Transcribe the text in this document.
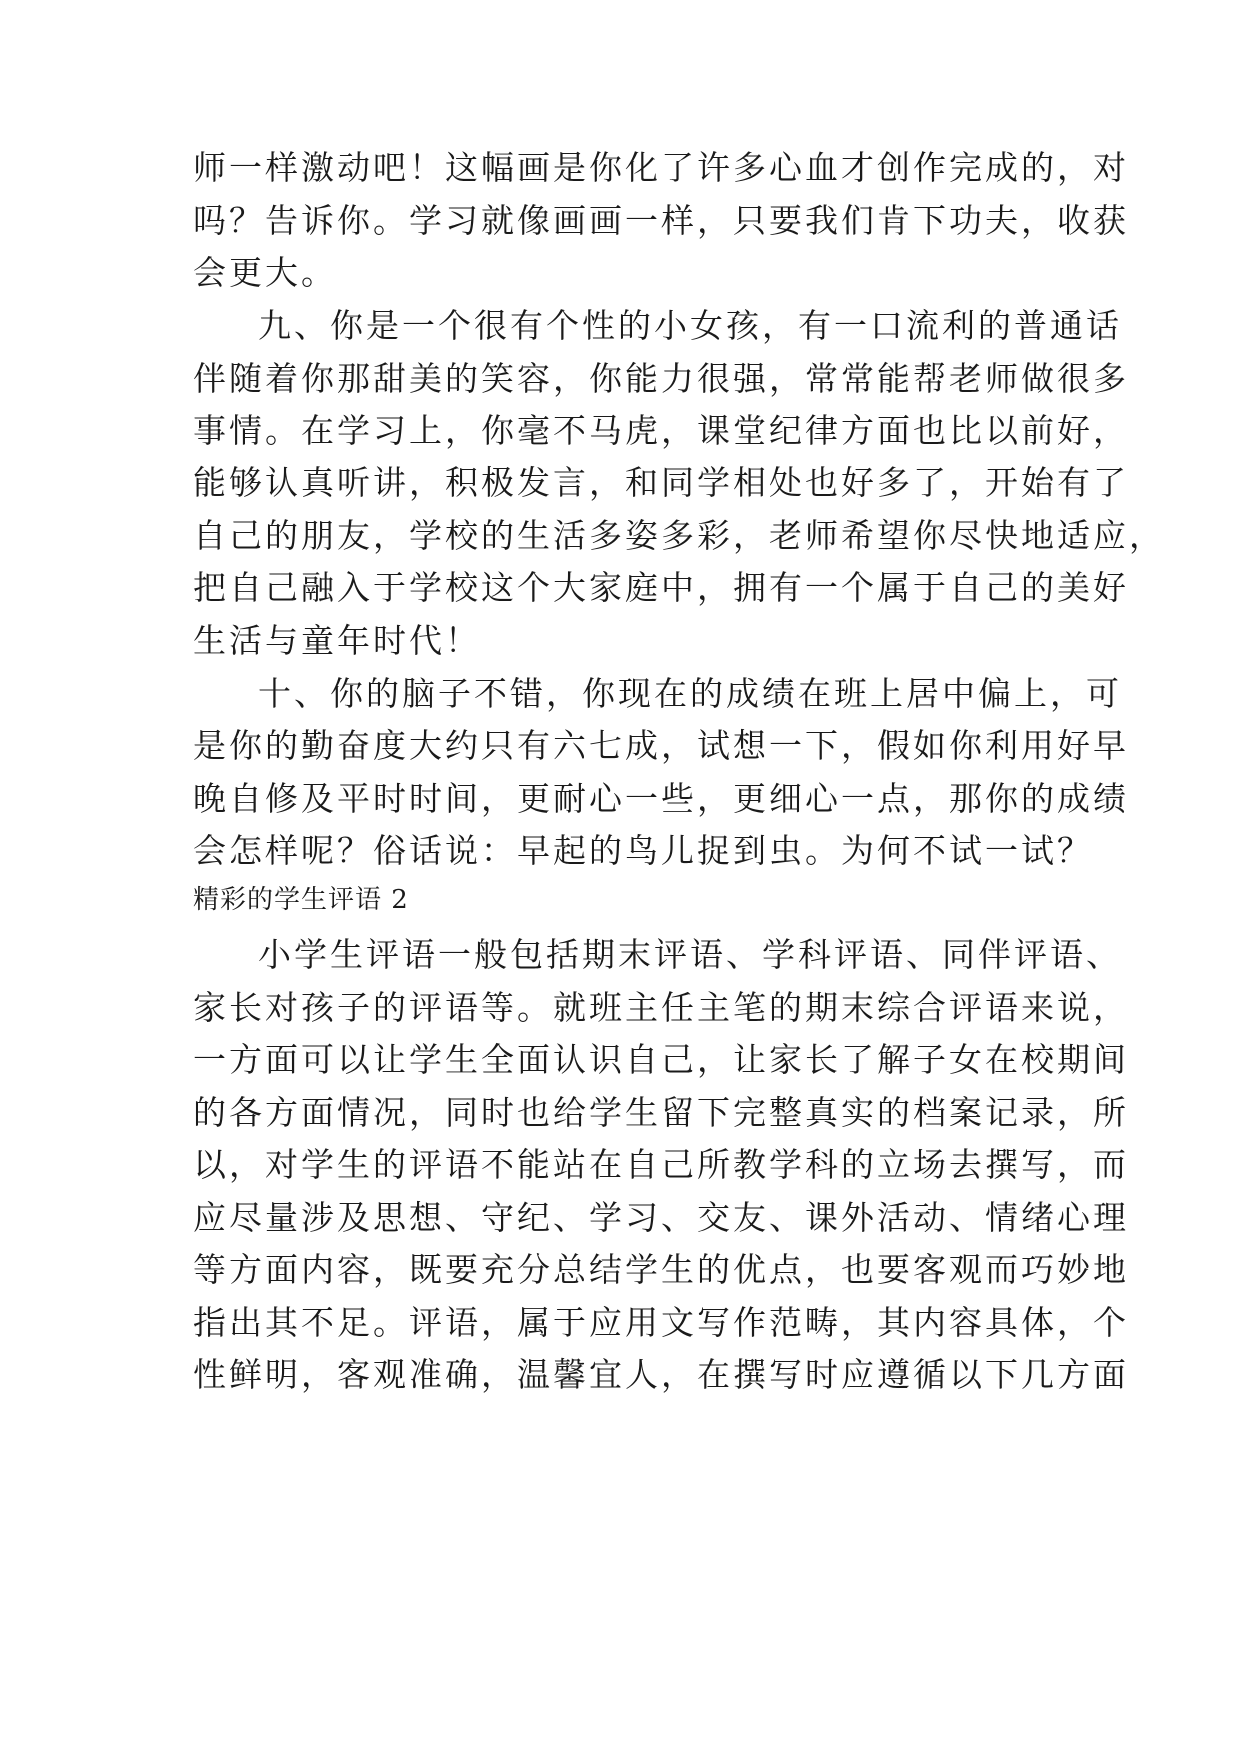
师一样激动吧！这幅画是你化了许多心血才创作完成的，对
吗？告诉你。学习就像画画一样，只要我们肯下功夫，收获
会更大。
九、你是一个很有个性的小女孩，有一口流利的普通话
伴随着你那甜美的笑容，你能力很强，常常能帮老师做很多
事情。在学习上，你毫不马虎，课堂纪律方面也比以前好，
能够认真听讲，积极发言，和同学相处也好多了，开始有了
自己的朋友，学校的生活多姿多彩，老师希望你尽快地适应，
把自己融入于学校这个大家庭中，拥有一个属于自己的美好
生活与童年时代！
十、你的脑子不错，你现在的成绩在班上居中偏上，可
是你的勤奋度大约只有六七成，试想一下，假如你利用好早
晚自修及平时时间，更耐心一些，更细心一点，那你的成绩
会怎样呢？俗话说：早起的鸟儿捉到虫。为何不试一试？
精彩的学生评语 2
小学生评语一般包括期末评语、学科评语、同伴评语、
家长对孩子的评语等。就班主任主笔的期末综合评语来说，
一方面可以让学生全面认识自己，让家长了解子女在校期间
的各方面情况，同时也给学生留下完整真实的档案记录，所
以，对学生的评语不能站在自己所教学科的立场去撰写，而
应尽量涉及思想、守纪、学习、交友、课外活动、情绪心理
等方面内容，既要充分总结学生的优点，也要客观而巧妙地
指出其不足。评语，属于应用文写作范畴，其内容具体，个
性鲜明，客观准确，温馨宜人，在撰写时应遵循以下几方面
